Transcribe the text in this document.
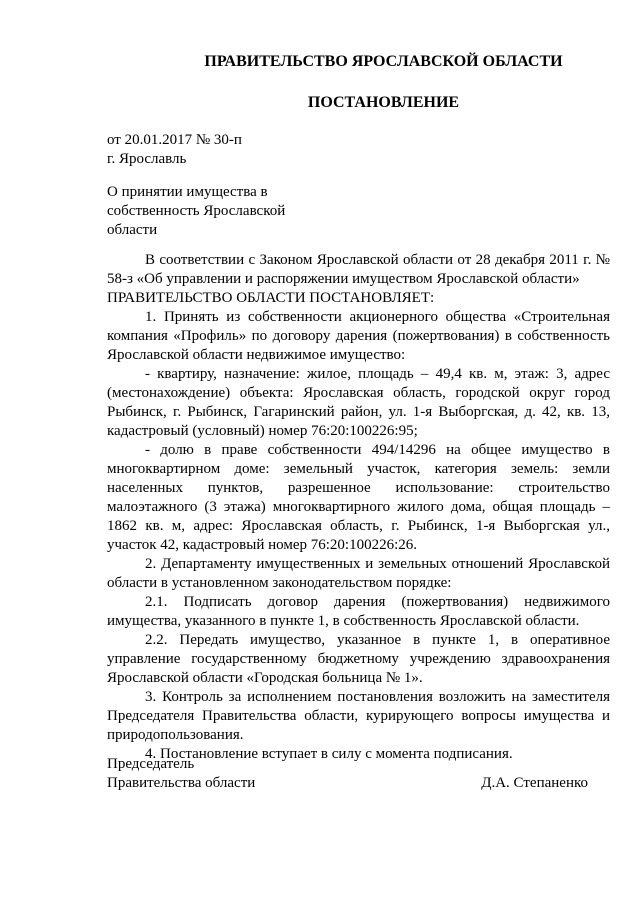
ПРАВИТЕЛЬСТВО ЯРОСЛАВСКОЙ ОБЛАСТИ
ПОСТАНОВЛЕНИЕ
от 20.01.2017 № 30-п
г. Ярославль
О принятии имущества в собственность Ярославской области

В соответствии с Законом Ярославской области от 28 декабря 2011 г. № 58-з «Об управлении и распоряжении имуществом Ярославской области»

ПРАВИТЕЛЬСТВО ОБЛАСТИ ПОСТАНОВЛЯЕТ:

1. Принять из собственности акционерного общества «Строительная компания «Профиль» по договору дарения (пожертвования) в собственность Ярославской области недвижимое имущество:

- квартиру, назначение: жилое, площадь – 49,4 кв. м, этаж: 3, адрес (местонахождение) объекта: Ярославская область, городской округ город Рыбинск, г. Рыбинск, Гагаринский район, ул. 1-я Выборгская, д. 42, кв. 13, кадастровый (условный) номер 76:20:100226:95;

- долю в праве собственности 494/14296 на общее имущество в многоквартирном доме: земельный участок, категория земель: земли населенных пунктов, разрешенное использование: строительство малоэтажного (3 этажа) многоквартирного жилого дома, общая площадь – 1862 кв. м, адрес: Ярославская область, г. Рыбинск, 1-я Выборгская ул., участок 42, кадастровый номер 76:20:100226:26.

2. Департаменту имущественных и земельных отношений Ярославской области в установленном законодательством порядке:

2.1. Подписать договор дарения (пожертвования) недвижимого имущества, указанного в пункте 1, в собственность Ярославской области.

2.2. Передать имущество, указанное в пункте 1, в оперативное управление государственному бюджетному учреждению здравоохранения Ярославской области «Городская больница № 1».

3. Контроль за исполнением постановления возложить на заместителя Председателя Правительства области, курирующего вопросы имущества и природопользования.

4. Постановление вступает в силу с момента подписания.

Председатель
Правительства области	Д.А. Степаненко
